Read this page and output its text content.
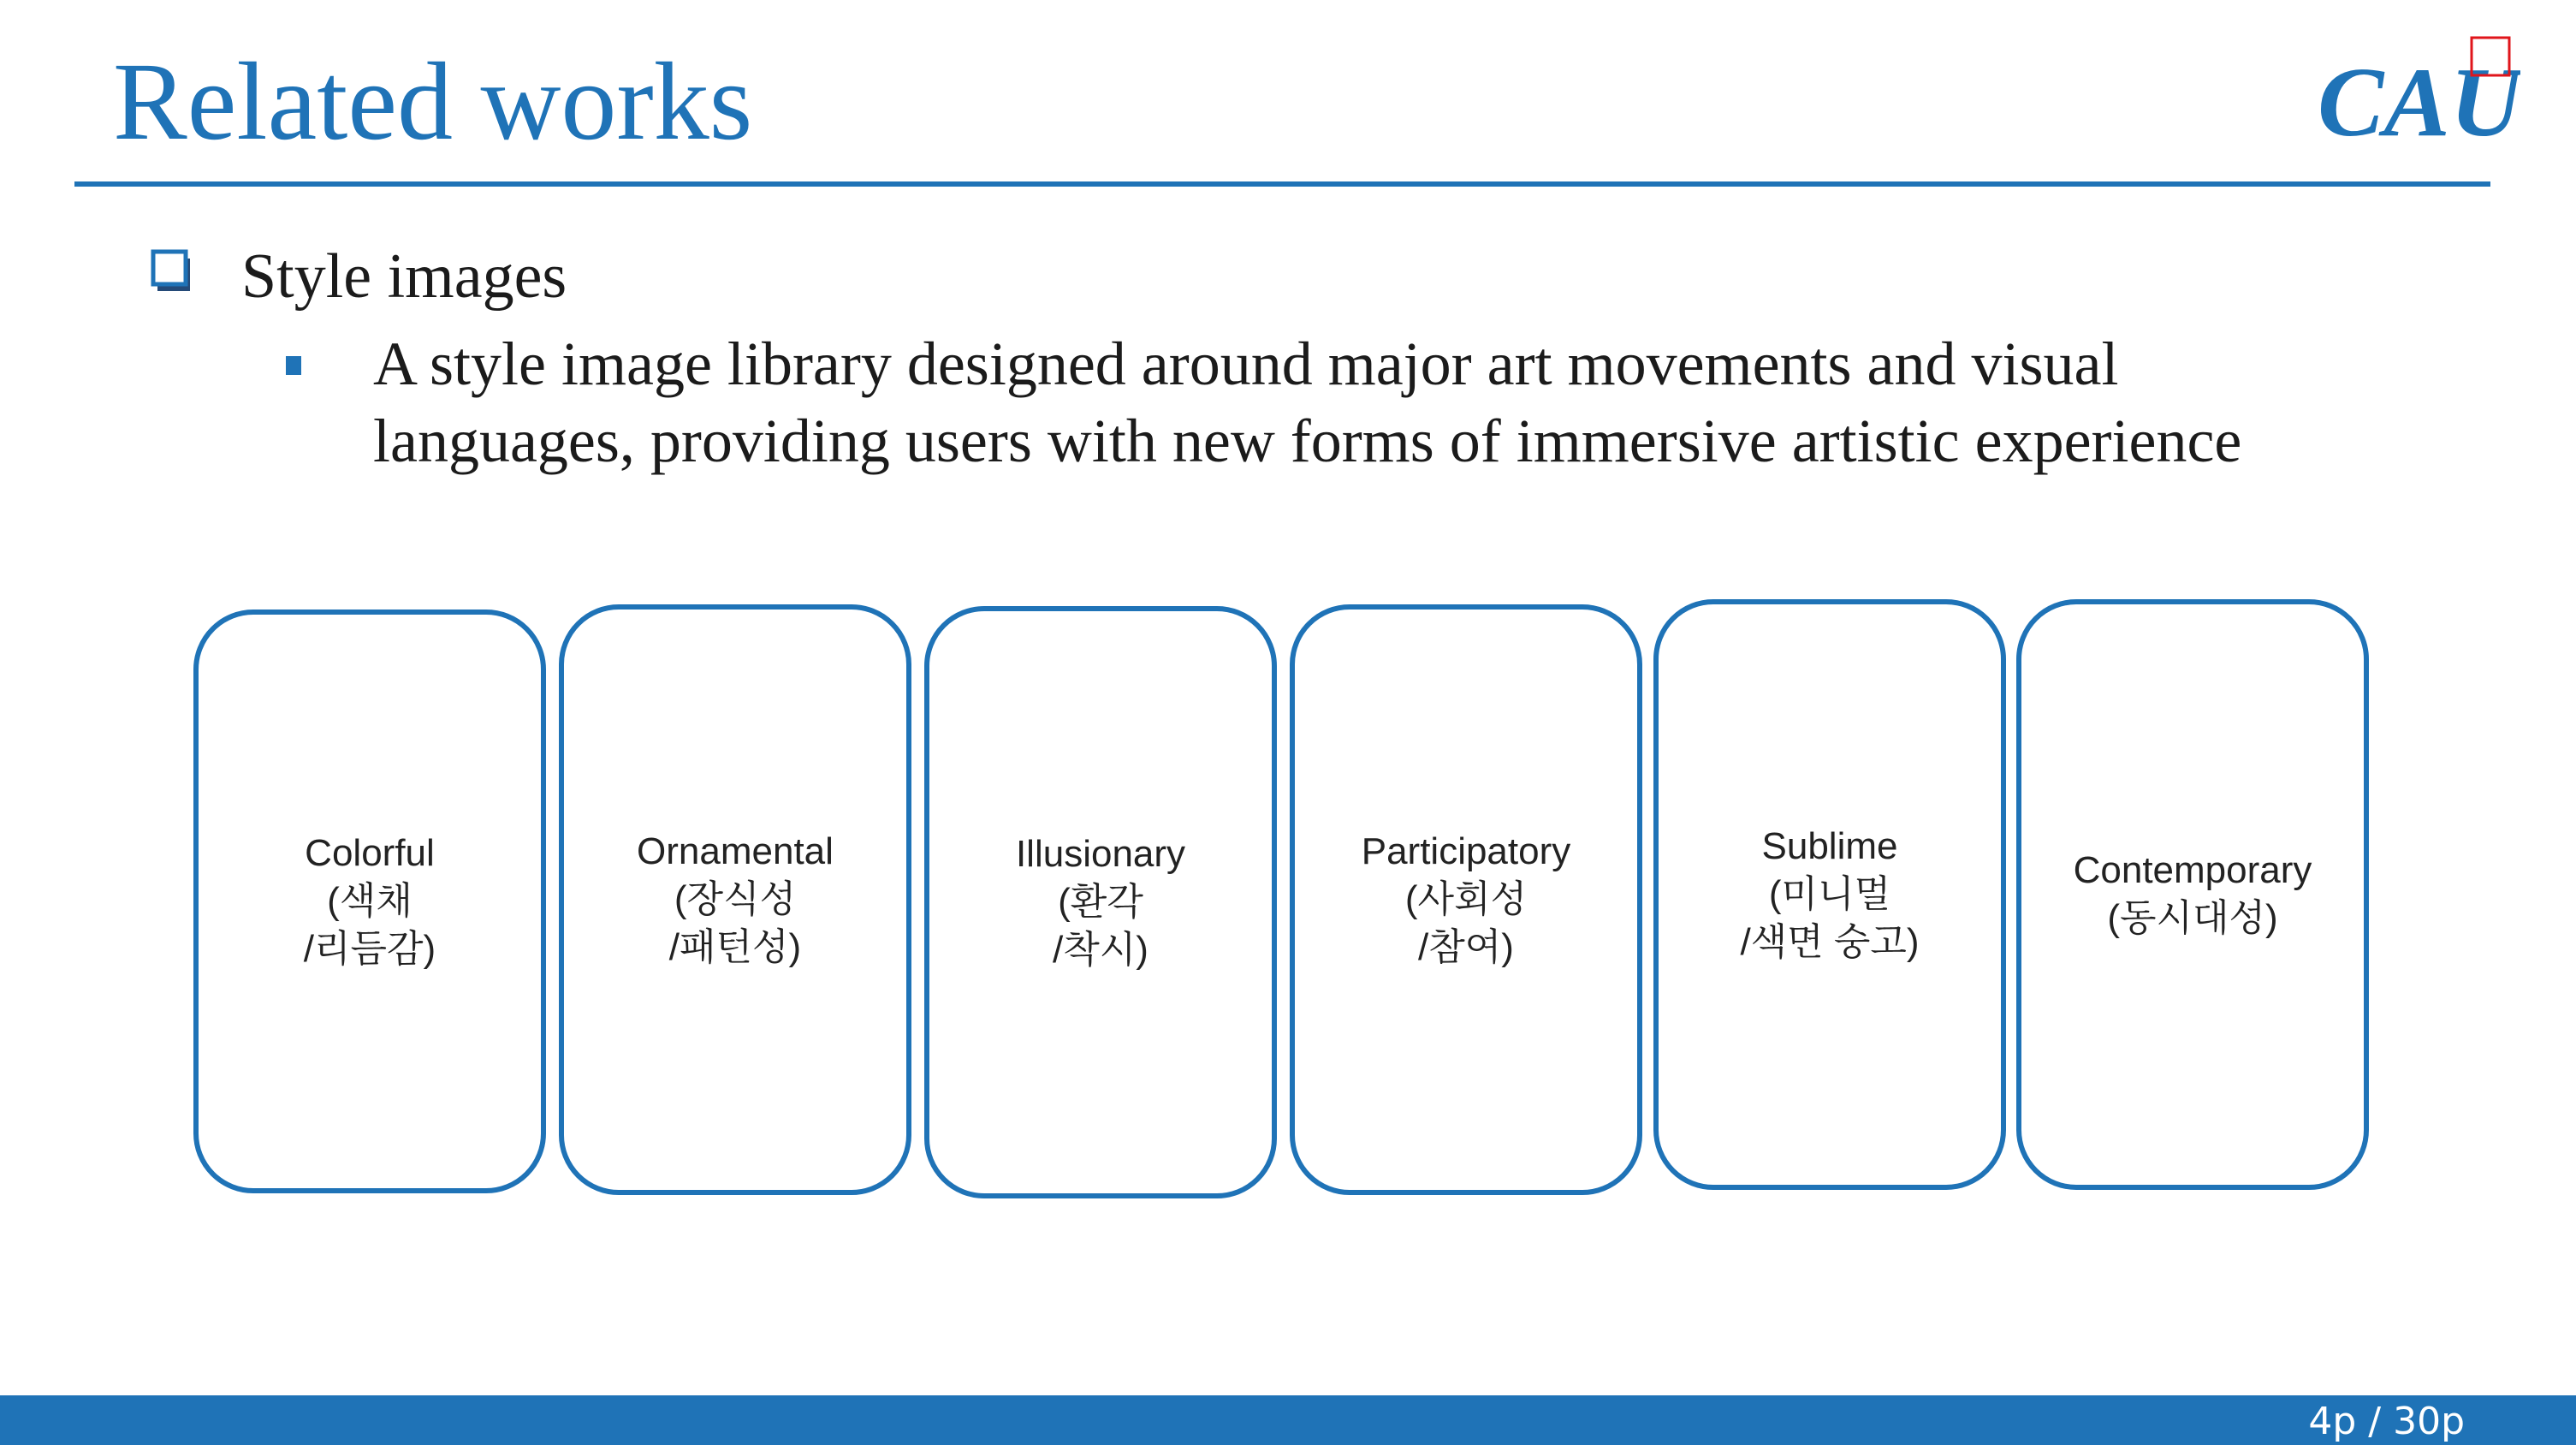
Related works	CAU
Style images
A style image library designed around major art movements and visual
languages, providing users with new forms of immersive artistic experience
Colorful
(색채
/리듬감)
Ornamental
(장식성
/패턴성)
Illusionary
(환각
/착시)
Participatory
(사회성
/참여)
Sublime
(미니멀
/색면 숭고)
Contemporary
(동시대성)
4p / 30p
